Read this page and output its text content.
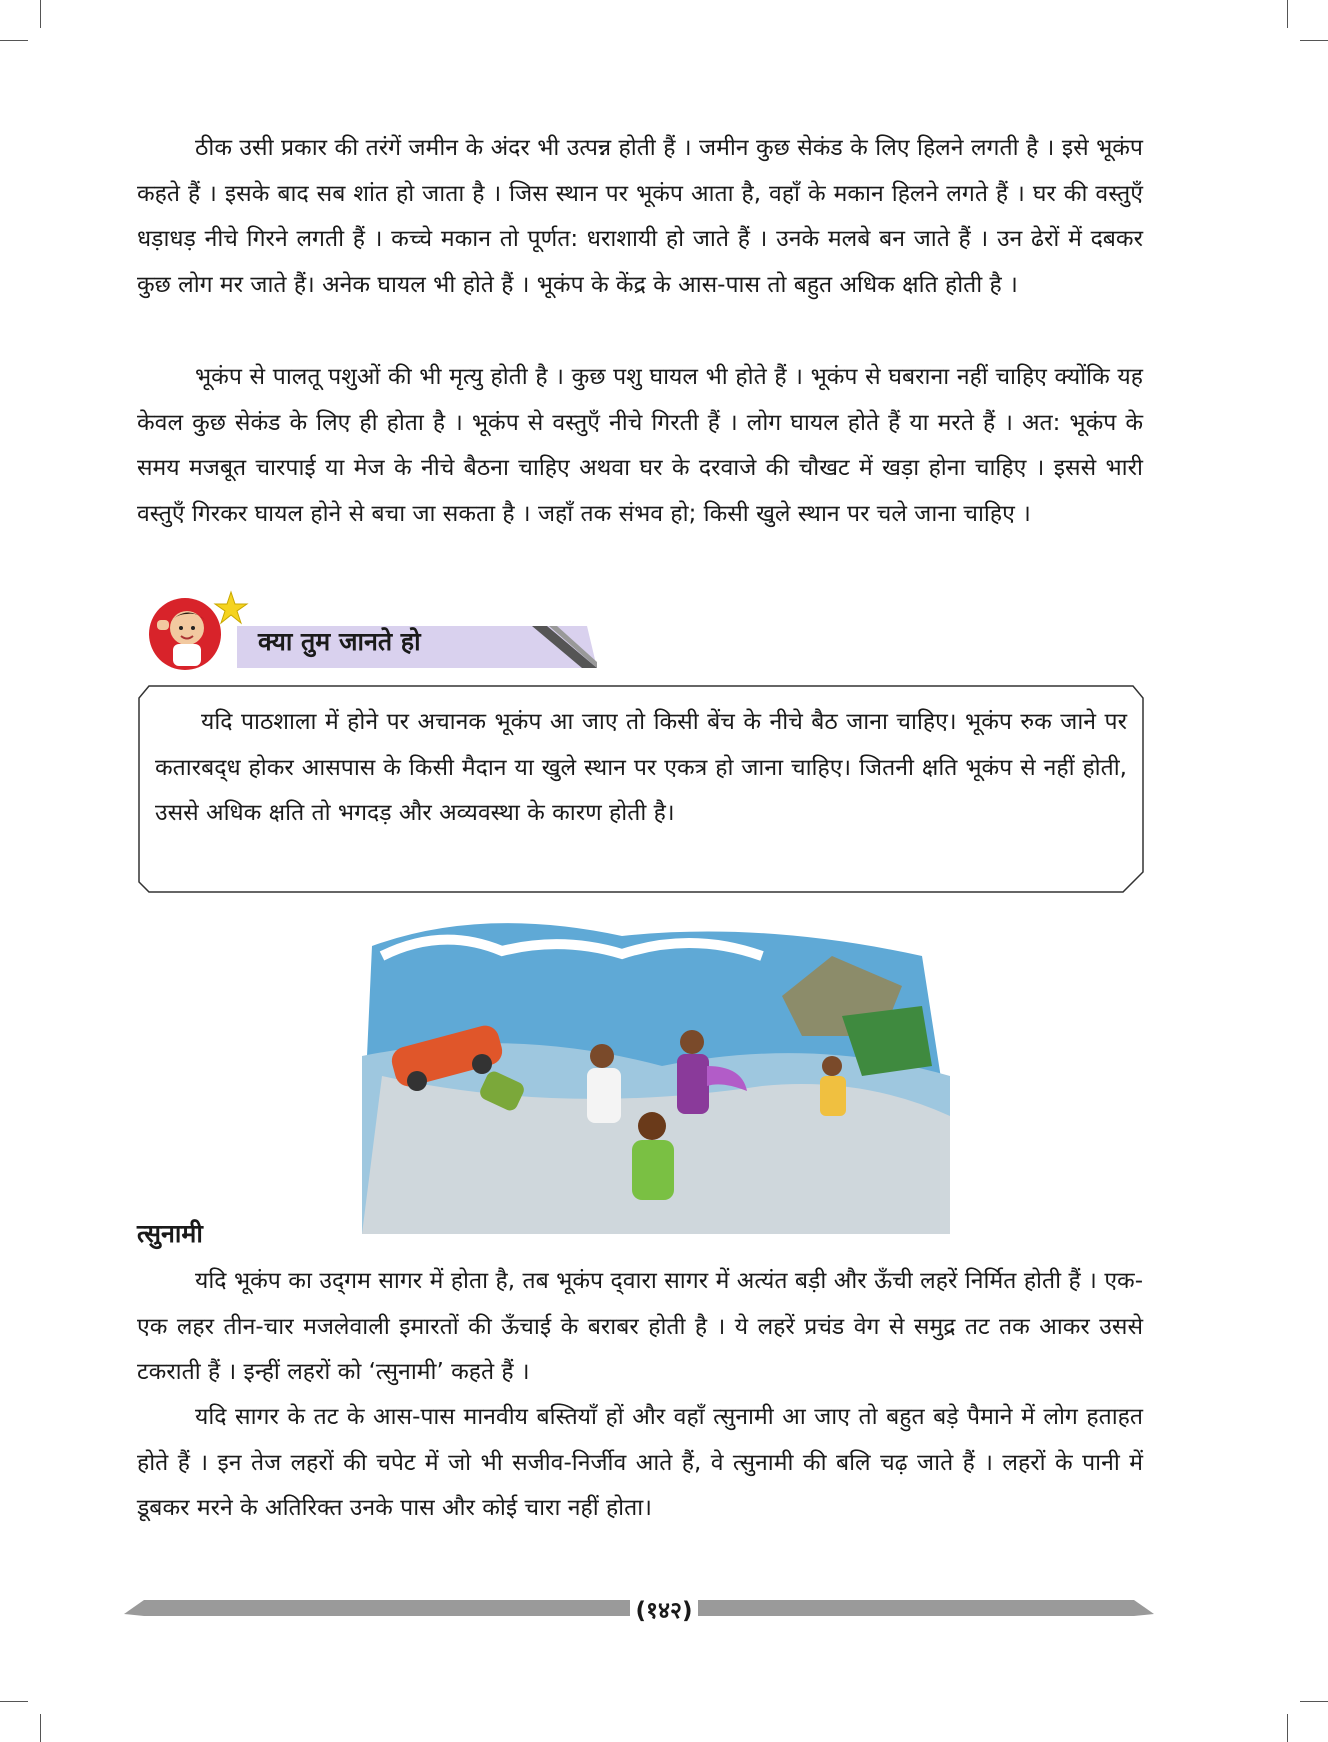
ठीक उसी प्रकार की तरंगें जमीन के अंदर भी उत्पन्न होती हैं । जमीन कुछ सेकंड के लिए हिलने लगती है । इसे भूकंप कहते हैं । इसके बाद सब शांत हो जाता है । जिस स्थान पर भूकंप आता है, वहाँ के मकान हिलने लगते हैं । घर की वस्तुएँ धड़ाधड़ नीचे गिरने लगती हैं । कच्चे मकान तो पूर्णत: धराशायी हो जाते हैं । उनके मलबे बन जाते हैं । उन ढेरों में दबकर कुछ लोग मर जाते हैं। अनेक घायल भी होते हैं । भूकंप के केंद्र के आस-पास तो बहुत अधिक क्षति होती है ।

भूकंप से पालतू पशुओं की भी मृत्यु होती है । कुछ पशु घायल भी होते हैं । भूकंप से घबराना नहीं चाहिए क्योंकि यह केवल कुछ सेकंड के लिए ही होता है । भूकंप से वस्तुएँ नीचे गिरती हैं । लोग घायल होते हैं या मरते हैं । अत: भूकंप के समय मजबूत चारपाई या मेज के नीचे बैठना चाहिए अथवा घर के दरवाजे की चौखट में खड़ा होना चाहिए । इससे भारी वस्तुएँ गिरकर घायल होने से बचा जा सकता है । जहाँ तक संभव हो; किसी खुले स्थान पर चले जाना चाहिए ।

क्या तुम जानते हो

यदि पाठशाला में होने पर अचानक भूकंप आ जाए तो किसी बेंच के नीचे बैठ जाना चाहिए। भूकंप रुक जाने पर कतारबद्‌ध होकर आसपास के किसी मैदान या खुले स्थान पर एकत्र हो जाना चाहिए। जितनी क्षति भूकंप से नहीं होती, उससे अधिक क्षति तो भगदड़ और अव्यवस्था के कारण होती है।

त्सुनामी

यदि भूकंप का उद्‌गम सागर में होता है, तब भूकंप द्‌वारा सागर में अत्यंत बड़ी और ऊँची लहरें निर्मित होती हैं । एक-एक लहर तीन-चार मजलेवाली इमारतों की ऊँचाई के बराबर होती है । ये लहरें प्रचंड वेग से समुद्र तट तक आकर उससे टकराती हैं । इन्हीं लहरों को ‘त्सुनामी’ कहते हैं ।

यदि सागर के तट के आस-पास मानवीय बस्तियाँ हों और वहाँ त्सुनामी आ जाए तो बहुत बड़े पैमाने में लोग हताहत होते हैं । इन तेज लहरों की चपेट में जो भी सजीव-निर्जीव आते हैं, वे त्सुनामी की बलि चढ़ जाते हैं । लहरों के पानी में डूबकर मरने के अतिरिक्त उनके पास और कोई चारा नहीं होता।

(१४२)
